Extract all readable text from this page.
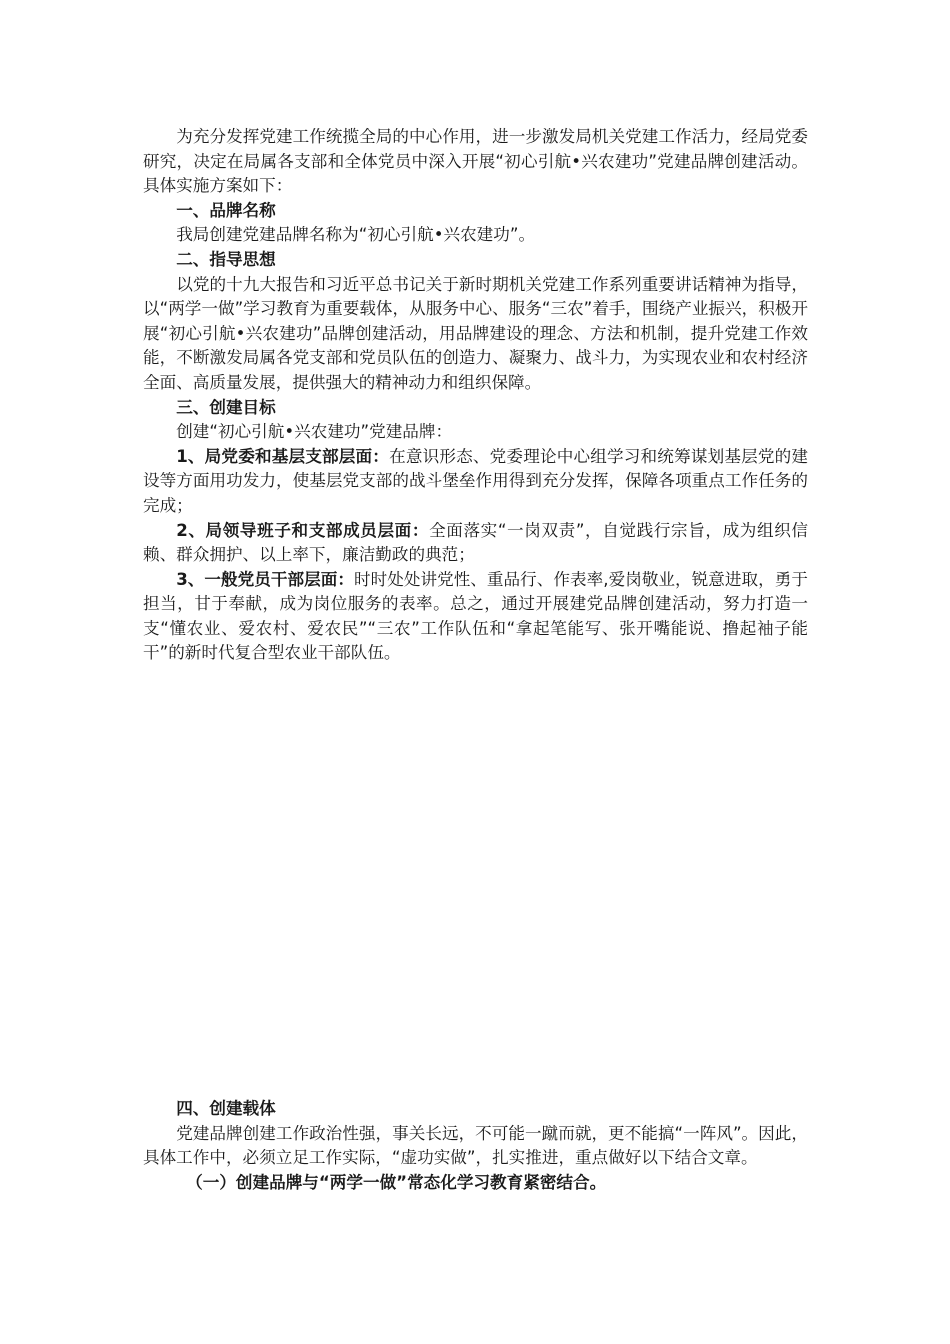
为充分发挥党建工作统揽全局的中心作用，进一步激发局机关党建工作活力，经局党委研究，决定在局属各支部和全体党员中深入开展“初心引航•兴农建功”党建品牌创建活动。具体实施方案如下：

一、品牌名称

我局创建党建品牌名称为“初心引航•兴农建功”。

二、指导思想

以党的十九大报告和习近平总书记关于新时期机关党建工作系列重要讲话精神为指导，以“两学一做”学习教育为重要载体，从服务中心、服务“三农”着手，围绕产业振兴，积极开展“初心引航•兴农建功”品牌创建活动，用品牌建设的理念、方法和机制，提升党建工作效能，不断激发局属各党支部和党员队伍的创造力、凝聚力、战斗力，为实现农业和农村经济全面、高质量发展，提供强大的精神动力和组织保障。

三、创建目标

创建“初心引航•兴农建功”党建品牌：

1、局党委和基层支部层面：在意识形态、党委理论中心组学习和统筹谋划基层党的建设等方面用功发力，使基层党支部的战斗堡垒作用得到充分发挥，保障各项重点工作任务的完成；

2、局领导班子和支部成员层面：全面落实“一岗双责”，自觉践行宗旨，成为组织信赖、群众拥护、以上率下，廉洁勤政的典范；

3、一般党员干部层面：时时处处讲党性、重品行、作表率,爱岗敬业，锐意进取，勇于担当，甘于奉献，成为岗位服务的表率。总之，通过开展建党品牌创建活动，努力打造一支“懂农业、爱农村、爱农民”“三农”工作队伍和“拿起笔能写、张开嘴能说、撸起袖子能干”的新时代复合型农业干部队伍。

四、创建载体

党建品牌创建工作政治性强，事关长远，不可能一蹴而就，更不能搞“一阵风”。因此，具体工作中，必须立足工作实际，“虚功实做”，扎实推进，重点做好以下结合文章。

（一）创建品牌与“两学一做”常态化学习教育紧密结合。
